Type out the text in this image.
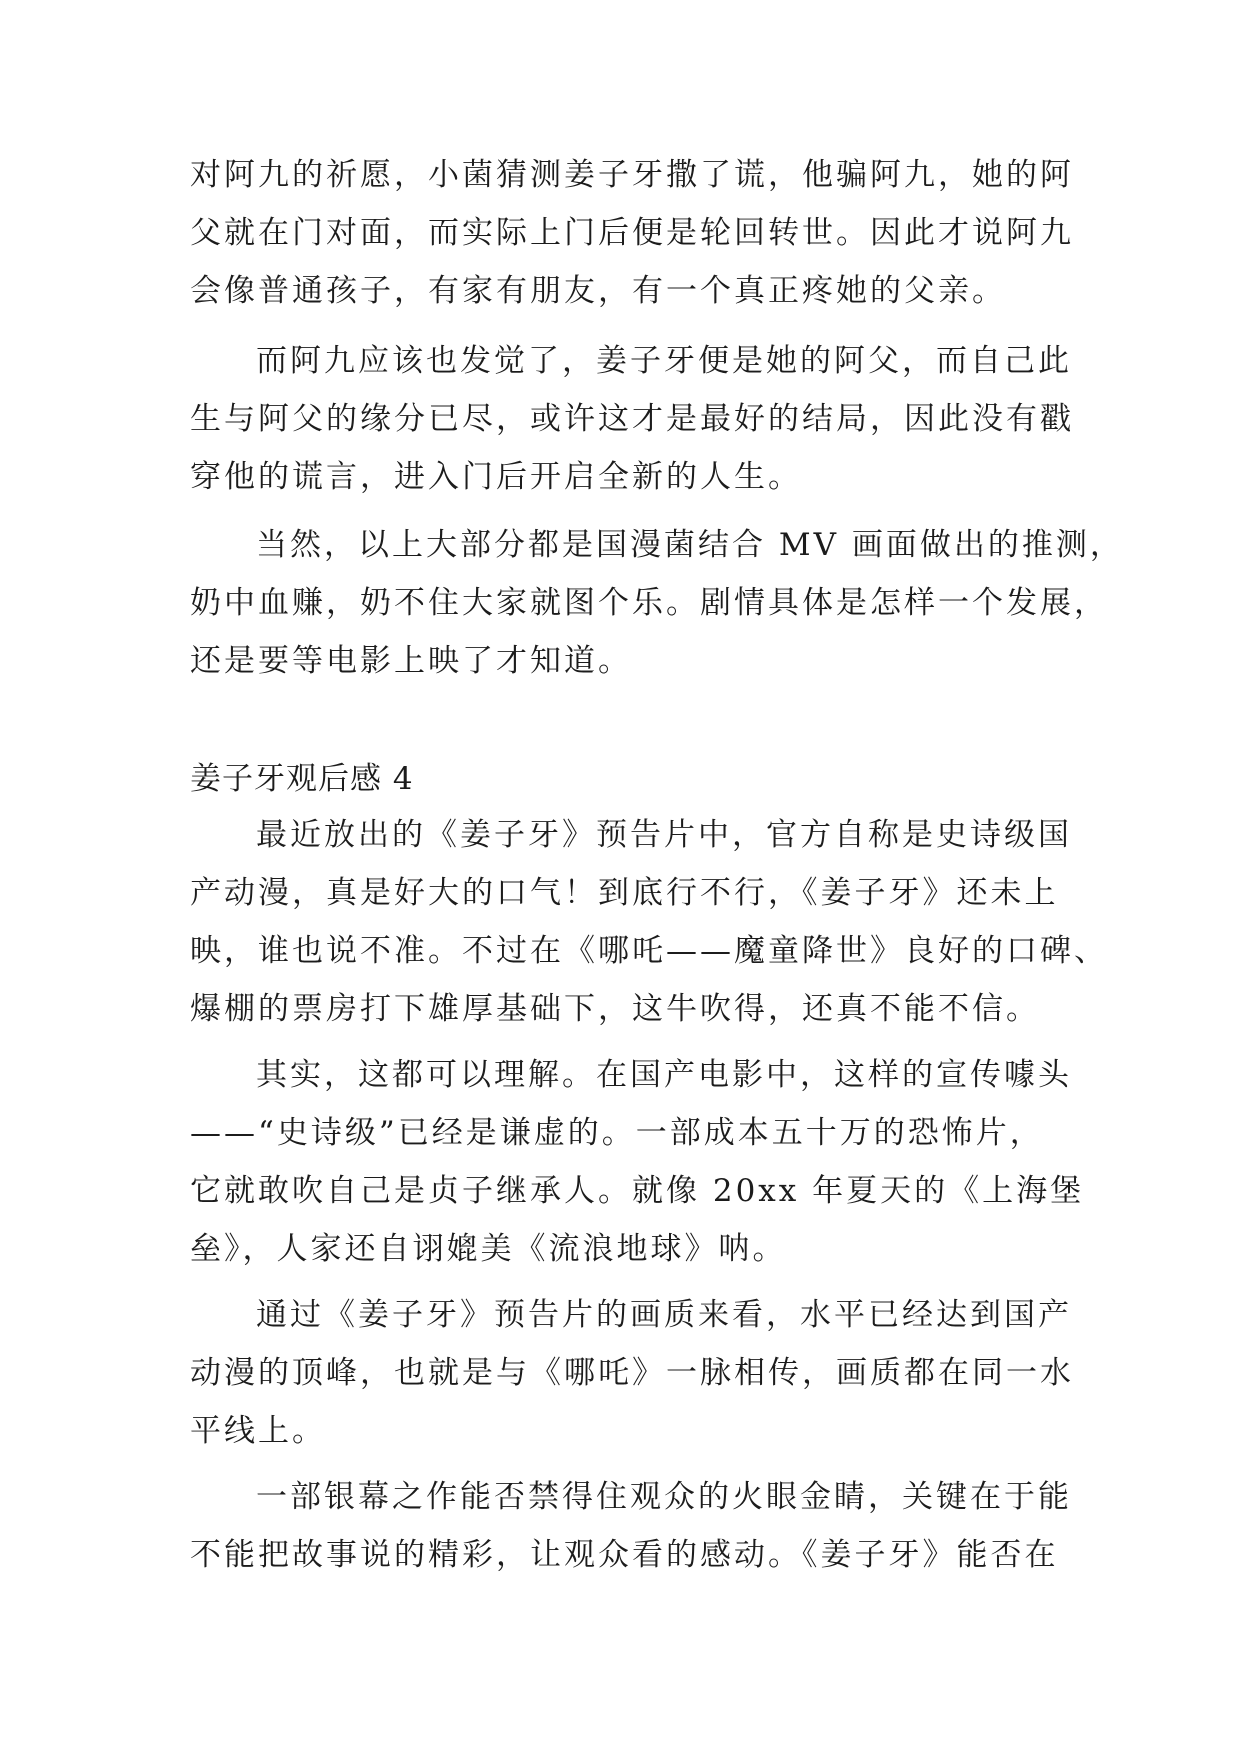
对阿九的祈愿，小菌猜测姜子牙撒了谎，他骗阿九，她的阿
父就在门对面，而实际上门后便是轮回转世。因此才说阿九
会像普通孩子，有家有朋友，有一个真正疼她的父亲。
而阿九应该也发觉了，姜子牙便是她的阿父，而自己此
生与阿父的缘分已尽，或许这才是最好的结局，因此没有戳
穿他的谎言，进入门后开启全新的人生。
当然，以上大部分都是国漫菌结合 MV 画面做出的推测，
奶中血赚，奶不住大家就图个乐。剧情具体是怎样一个发展，
还是要等电影上映了才知道。
姜子牙观后感 4
最近放出的《姜子牙》预告片中，官方自称是史诗级国
产动漫，真是好大的口气！到底行不行，《姜子牙》还未上
映，谁也说不准。不过在《哪吒——魔童降世》良好的口碑、
爆棚的票房打下雄厚基础下，这牛吹得，还真不能不信。
其实，这都可以理解。在国产电影中，这样的宣传噱头
——“史诗级”已经是谦虚的。一部成本五十万的恐怖片，
它就敢吹自己是贞子继承人。就像 20xx 年夏天的《上海堡
垒》，人家还自诩媲美《流浪地球》呐。
通过《姜子牙》预告片的画质来看，水平已经达到国产
动漫的顶峰，也就是与《哪吒》一脉相传，画质都在同一水
平线上。
一部银幕之作能否禁得住观众的火眼金睛，关键在于能
不能把故事说的精彩，让观众看的感动。《姜子牙》能否在
